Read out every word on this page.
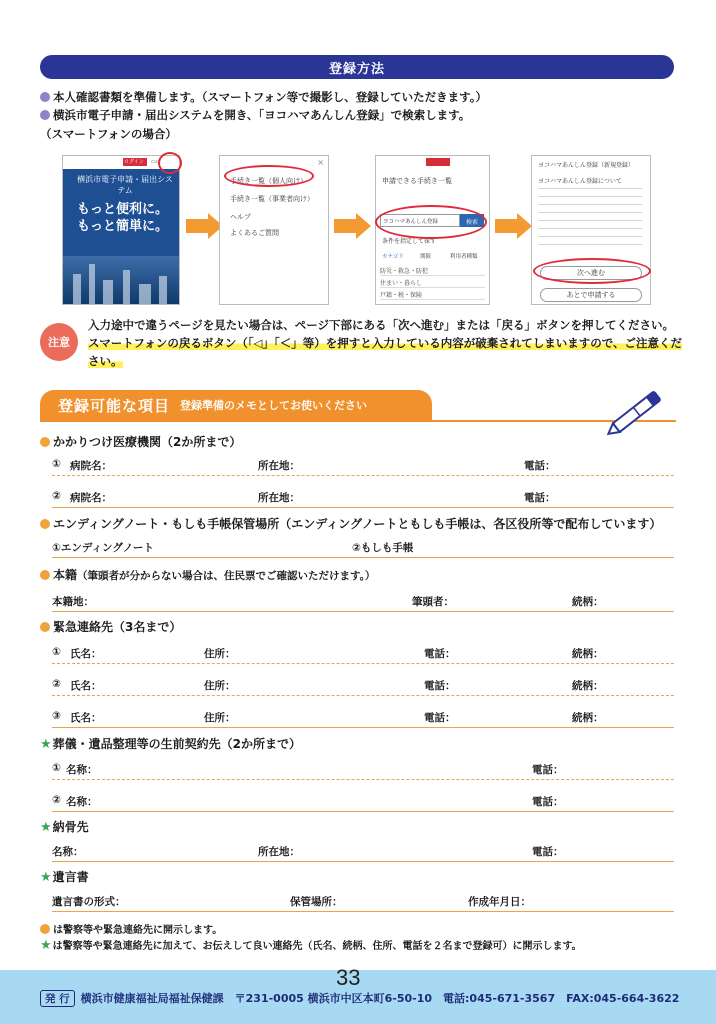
登録方法
本人確認書類を準備します。（スマートフォン等で撮影し、登録していただきます。）
横浜市電子申請・届出システムを開き、「ヨコハマあんしん登録」で検索します。
（スマートフォンの場合）
ログイン ▭▭
横浜市電子申請・届出システム
もっと便利に。
もっと簡単に。
×
手続き一覧（個人向け）
手続き一覧（事業者向け）
ヘルプ
よくあるご質問
申請できる手続き一覧
ヨコハマあんしん登録	検索
条件を指定して探す
カテゴリ	期限	利用者種類
防災・救急・防犯
住まい・暮らし
戸籍・税・保険
ヨコハマあんしん登録（新規登録）
ヨコハマあんしん登録について
次へ進む
あとで申請する
注意
入力途中で違うページを見たい場合は、ページ下部にある「次へ進む」または「戻る」ボタンを押してください。スマートフォンの戻るボタン（「◁」「＜」等）を押すと入力している内容が破棄されてしまいますので、ご注意ください。
登録可能な項目 登録準備のメモとしてお使いください
かかりつけ医療機関（2か所まで）
① 病院名：	所在地：	電話：
② 病院名：	所在地：	電話：
エンディングノート・もしも手帳保管場所（エンディングノートともしも手帳は、各区役所等で配布しています）
①エンディングノート	②もしも手帳
本籍（筆頭者が分からない場合は、住民票でご確認いただけます。）
本籍地：	筆頭者：	続柄：
緊急連絡先（3名まで）
① 氏名：	住所：	電話：	続柄：
② 氏名：	住所：	電話：	続柄：
③ 氏名：	住所：	電話：	続柄：
★葬儀・遺品整理等の生前契約先（2か所まで）
① 名称：	電話：
② 名称：	電話：
★納骨先
名称：	所在地：	電話：
★遺言書
遺言書の形式：	保管場所：	作成年月日：
は警察等や緊急連絡先に開示します。
★は警察等や緊急連絡先に加えて、お伝えして良い連絡先（氏名、続柄、住所、電話を２名まで登録可）に開示します。
33
発 行 横浜市健康福祉局福祉保健課　〒231-0005 横浜市中区本町6-50-10　電話:045-671-3567　FAX:045-664-3622
